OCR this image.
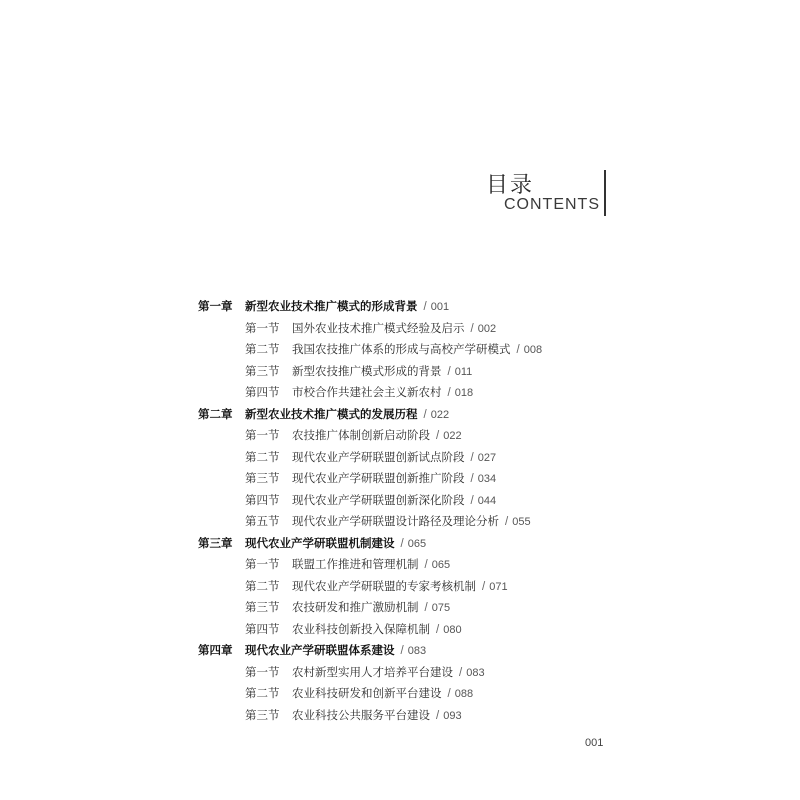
目录
CONTENTS
第一章 新型农业技术推广模式的形成背景 / 001
第一节 国外农业技术推广模式经验及启示 / 002
第二节 我国农技推广体系的形成与高校产学研模式 / 008
第三节 新型农技推广模式形成的背景 / 011
第四节 市校合作共建社会主义新农村 / 018
第二章 新型农业技术推广模式的发展历程 / 022
第一节 农技推广体制创新启动阶段 / 022
第二节 现代农业产学研联盟创新试点阶段 / 027
第三节 现代农业产学研联盟创新推广阶段 / 034
第四节 现代农业产学研联盟创新深化阶段 / 044
第五节 现代农业产学研联盟设计路径及理论分析 / 055
第三章 现代农业产学研联盟机制建设 / 065
第一节 联盟工作推进和管理机制 / 065
第二节 现代农业产学研联盟的专家考核机制 / 071
第三节 农技研发和推广激励机制 / 075
第四节 农业科技创新投入保障机制 / 080
第四章 现代农业产学研联盟体系建设 / 083
第一节 农村新型实用人才培养平台建设 / 083
第二节 农业科技研发和创新平台建设 / 088
第三节 农业科技公共服务平台建设 / 093
001
